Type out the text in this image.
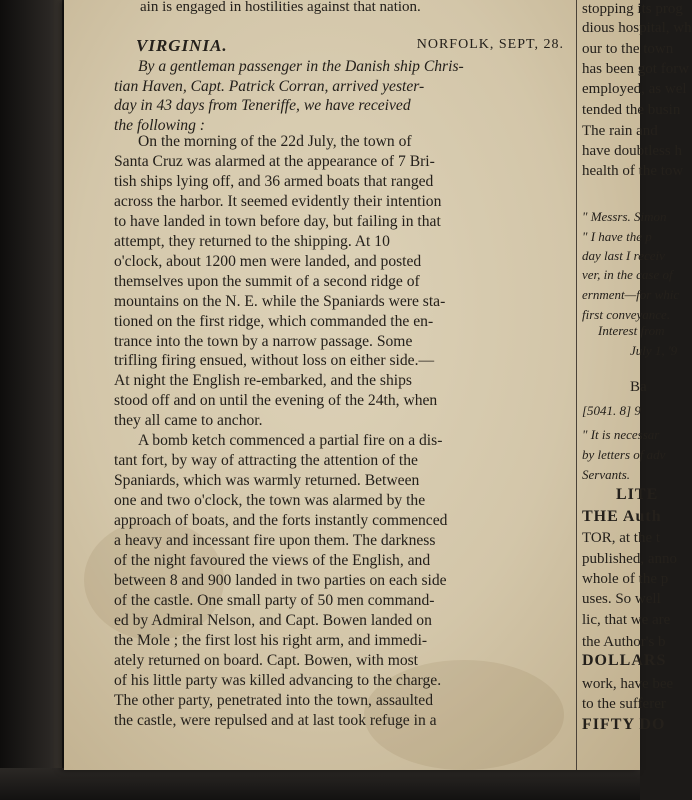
ain is engaged in hostilities against that nation.
VIRGINIA.	NORFOLK, SEPT, 28.
By a gentleman passenger in the Danish ship Chris-
tian Haven, Capt. Patrick Corran, arrived yester-
day in 43 days from Teneriffe, we have received
the following :
On the morning of the 22d July, the town of
Santa Cruz was alarmed at the appearance of 7 Bri-
tish ships lying off, and 36 armed boats that ranged
across the harbor. It seemed evidently their intention
to have landed in town before day, but failing in that
attempt, they returned to the shipping. At 10
o'clock, about 1200 men were landed, and posted
themselves upon the summit of a second ridge of
mountains on the N. E. while the Spaniards were sta-
tioned on the first ridge, which commanded the en-
trance into the town by a narrow passage. Some
trifling firing ensued, without loss on either side.—
At night the English re-embarked, and the ships
stood off and on until the evening of the 24th, when
they all came to anchor.
A bomb ketch commenced a partial fire on a dis-
tant fort, by way of attracting the attention of the
Spaniards, which was warmly returned. Between
one and two o'clock, the town was alarmed by the
approach of boats, and the forts instantly commenced
a heavy and incessant fire upon them. The darkness
of the night favoured the views of the English, and
between 8 and 900 landed in two parties on each side
of the castle. One small party of 50 men command-
ed by Admiral Nelson, and Capt. Bowen landed on
the Mole ; the first lost his right arm, and immedi-
ately returned on board. Capt. Bowen, with most
of his little party was killed advancing to the charge.
The other party, penetrated into the town, assaulted
the castle, were repulsed and at last took refuge in a
stopping its prog
dious hospital, wh
our to the town
has been got forw
employed, as wel
tended the busin
The rain and
have doubtless h
health of the tow
" Messrs. Simon
" I have the p
day last I receiv
ver, in the case of
ernment—for whic
first conveyance.
Interest from
July 1, '9
Ba
[5041. 8] 9
" It is necessar
by letters of adv
Servants.
LITE
THE Auth
TOR, at the t
published, anno
whole of the p
uses. So well
lic, that we are
the Author's b
DOLLARS
work, have bee
to the sufferer
FIFTY DO
